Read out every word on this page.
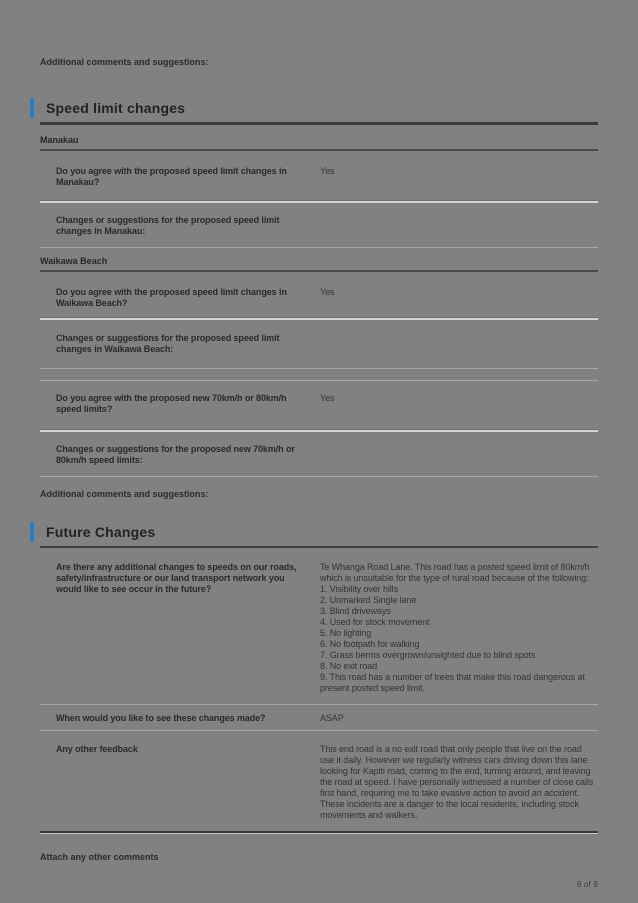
Additional comments and suggestions:
Speed limit changes
Manakau
Do you agree with the proposed speed limit changes in Manakau?
Yes
Changes or suggestions for the proposed speed limit changes in Manakau:
Waikawa Beach
Do you agree with the proposed speed limit changes in Waikawa Beach?
Yes
Changes or suggestions for the proposed speed limit changes in Waikawa Beach:
Do you agree with the proposed new 70km/h or 80km/h speed limits?
Yes
Changes or suggestions for the proposed new 70km/h or 80km/h speed limits:
Additional comments and suggestions:
Future Changes
Are there any additional changes to speeds on our roads, safety/infrastructure or our land transport network you would like to see occur in the future?
Te Whanga Road Lane. This road has a posted speed limit of 80km/h which is unsuitable for the type of rural road because of the following:
1. Visibility over hills
2. Unmarked Single lane
3. Blind driveways
4. Used for stock movement
5. No lighting
6. No footpath for walking
7. Grass berms overgrown/unsighted due to blind spots
8. No exit road
9. This road has a number of trees that make this road dangerous at present posted speed limit.
When would you like to see these changes made?	ASAP
Any other feedback	This end road is a no exit road that only people that live on the road use it daily. However we regularly witness cars driving down this lane looking for Kapiti road, coming to the end, turning around, and leaving the road at speed. I have personally witnessed a number of close calls first hand, requiring me to take evasive action to avoid an accident. These incidents are a danger to the local residents, including stock movements and walkers.
Attach any other comments
9 of 9
